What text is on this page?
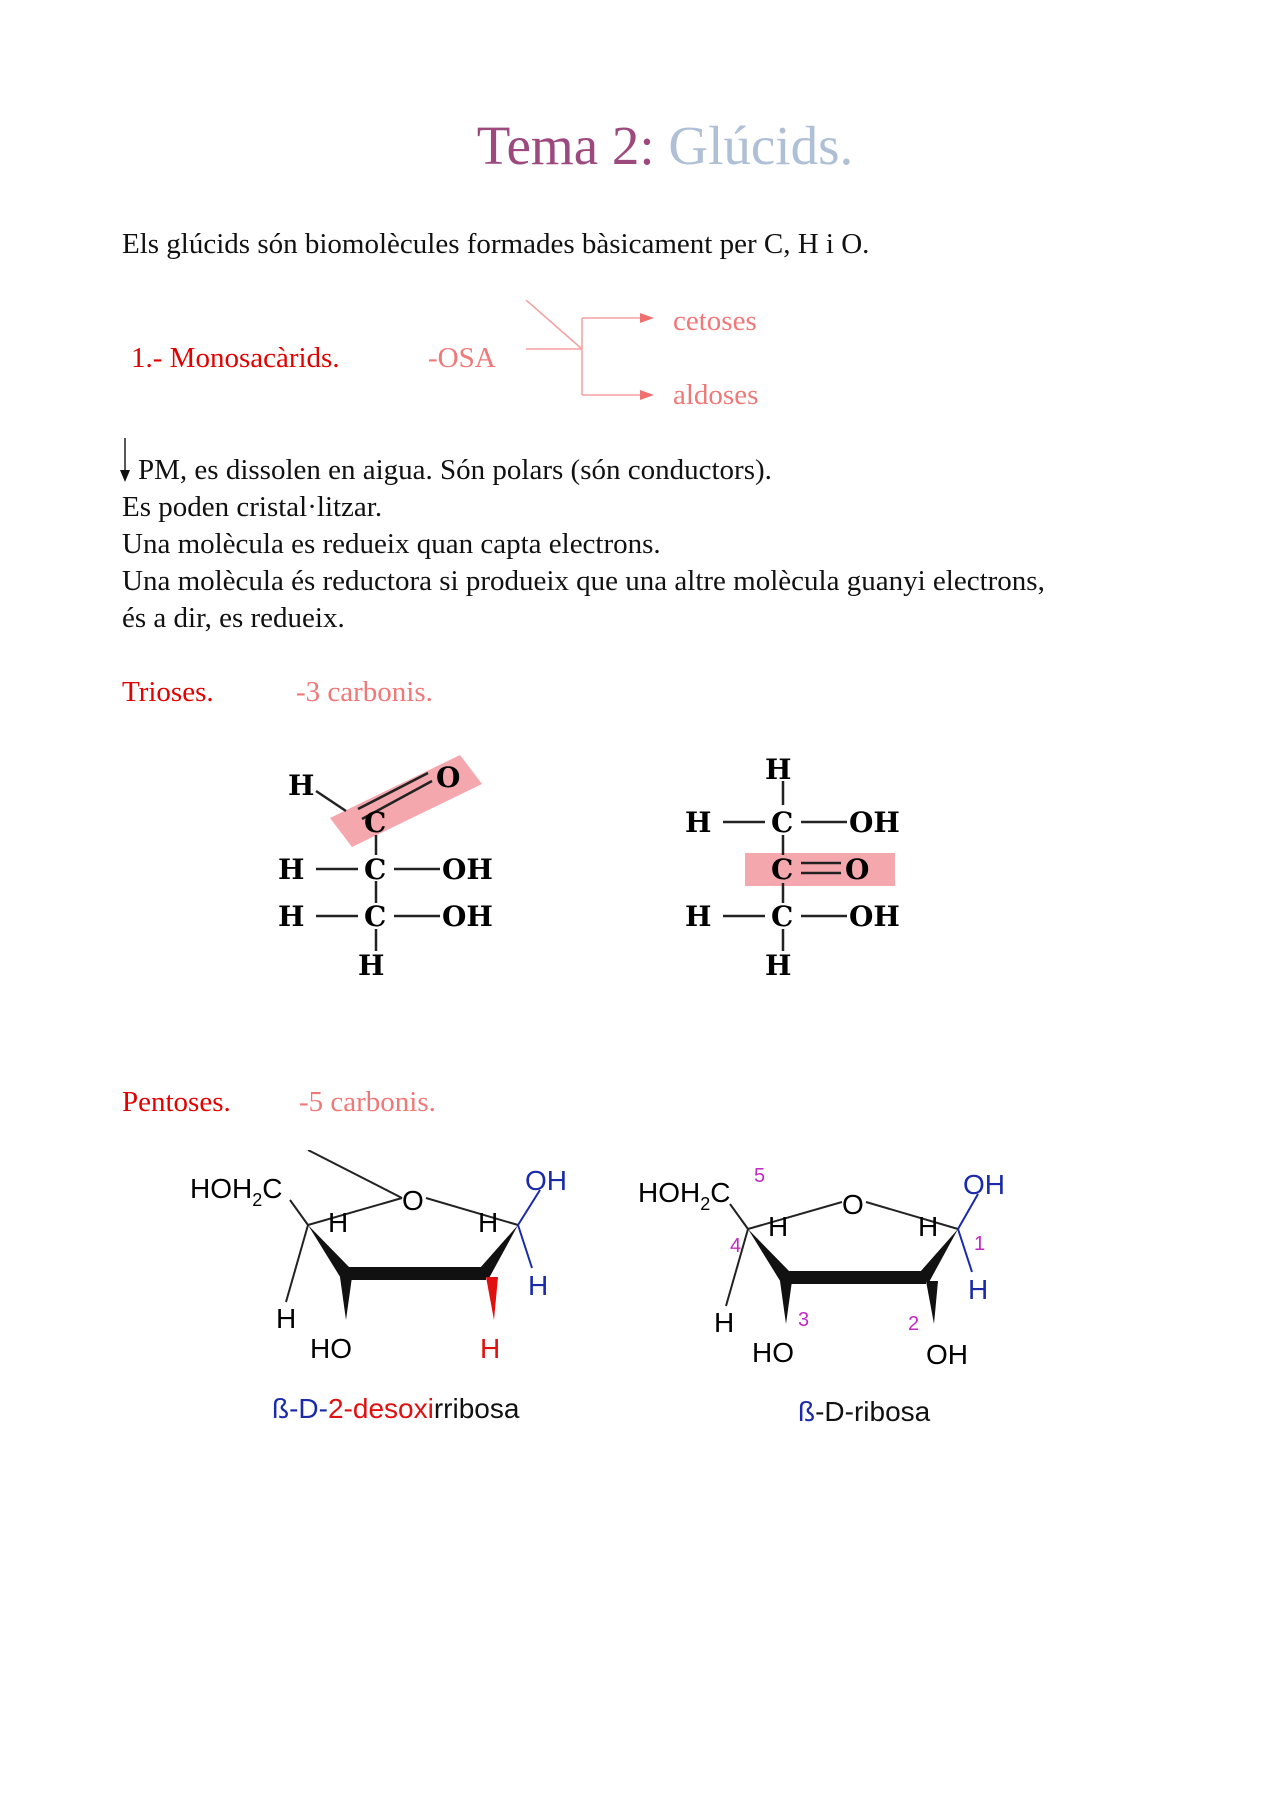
Tema 2: Glúcids.
Els glúcids són biomolècules formades bàsicament per C, H i O.
1.- Monosacàrids.	-OSA
cetoses
aldoses
PM, es dissolen en aigua. Són polars (són conductors).
Es poden cristal·litzar.
Una molècula es redueix quan capta electrons.
Una molècula és reductora si produeix que una altre molècula guanyi electrons,
és a dir, es redueix.
Trioses.	-3 carbonis.
H
C
O
H C OH
H C OH
H
H
H C OH
C O
H C OH
H
Pentoses. -5 carbonis.
$HOH_2C$
H
O
H
OH
H
H
HO	H
ß-D-2-desoxirribosa
$HOH_2C$
5
4
H
O
H
1
OH
H	3	2
H
HO	OH
ß-D-ribosa
